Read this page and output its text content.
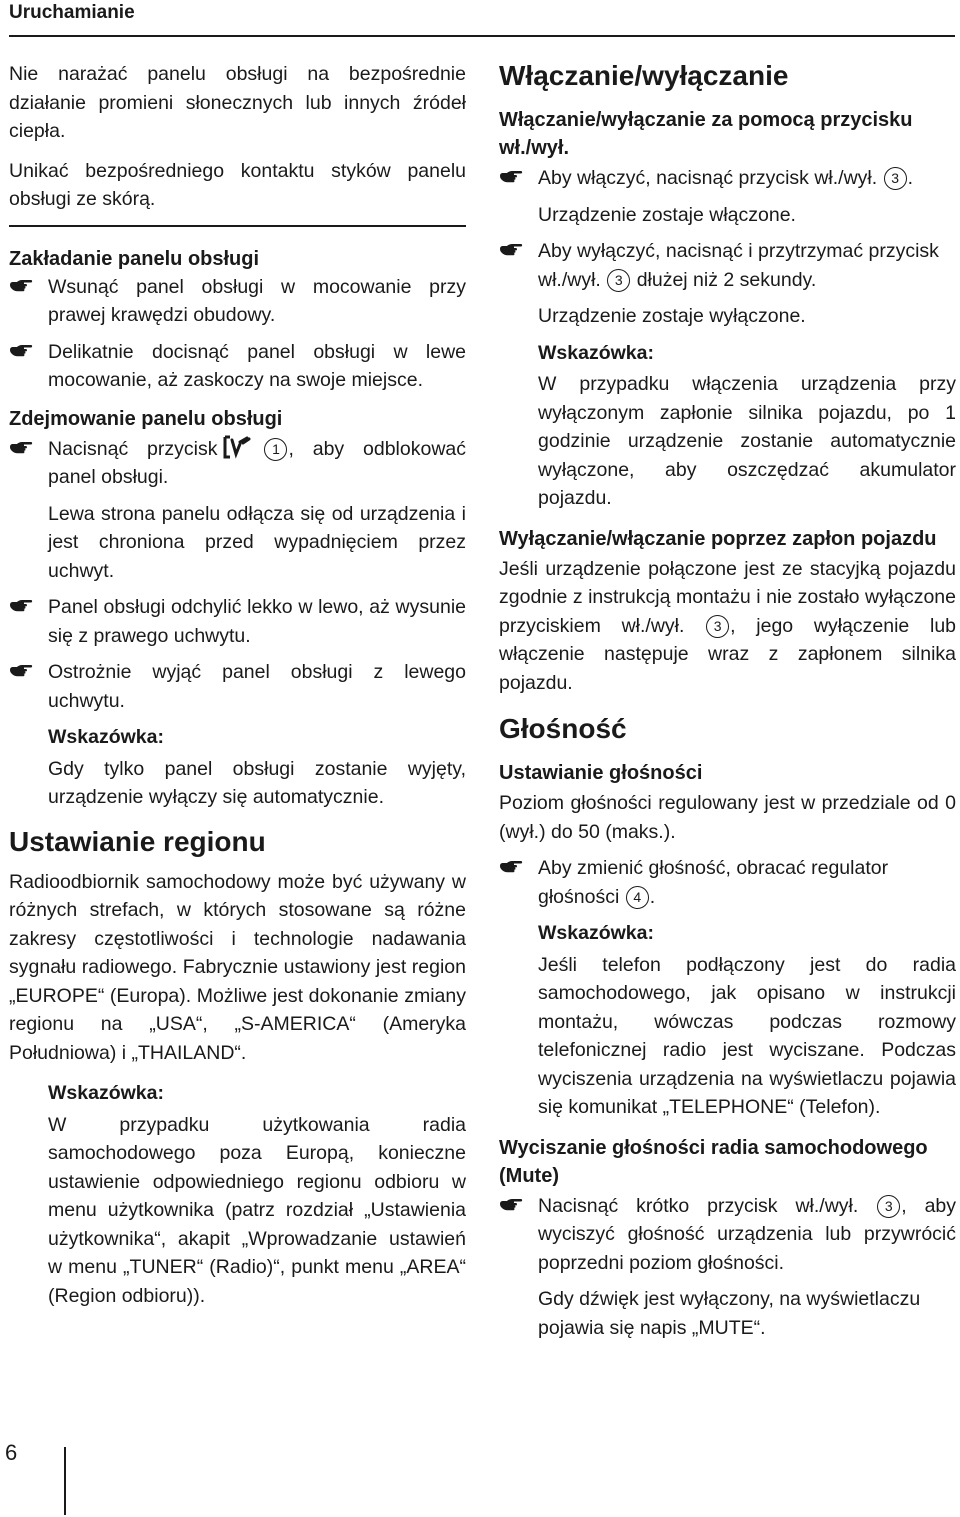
Uruchamianie

Nie narażać panelu obsługi na bezpośrednie działanie promieni słonecznych lub innych źródeł ciepła.

Unikać bezpośredniego kontaktu styków panelu obsługi ze skórą.

Zakładanie panelu obsługi
Wsunąć panel obsługi w mocowanie przy prawej krawędzi obudowy.
Delikatnie docisnąć panel obsługi w lewe mocowanie, aż zaskoczy na swoje miejsce.
Zdejmowanie panelu obsługi
Nacisnąć przycisk	1 , aby odblokować panel obsługi.
Lewa strona panelu odłącza się od urządzenia i jest chroniona przed wypadnięciem przez uchwyt.
Panel obsługi odchylić lekko w lewo, aż wysunie się z prawego uchwytu.
Ostrożnie wyjąć panel obsługi z lewego uchwytu.
Wskazówka:
Gdy tylko panel obsługi zostanie wyjęty, urządzenie wyłączy się automatycznie.
Ustawianie regionu

Radioodbiornik samochodowy może być używany w różnych strefach, w których stosowane są różne zakresy częstotliwości i technologie nadawania sygnału radiowego. Fabrycznie ustawiony jest region „EUROPE“ (Europa). Możliwe jest dokonanie zmiany regionu na „USA“, „S-AMERICA“ (Ameryka Południowa) i „THAILAND“.

Wskazówka:
W przypadku użytkowania radia samochodowego poza Europą, konieczne ustawienie odpowiedniego regionu odbioru w menu użytkownika (patrz rozdział „Ustawienia użytkownika“, akapit „Wprowadzanie ustawień w menu „TUNER“ (Radio)“, punkt menu „AREA“ (Region odbioru)).
Włączanie/wyłączanie
Włączanie/wyłączanie za pomocą przycisku wł./wył.
Aby włączyć, nacisnąć przycisk wł./wył. 3 .
Urządzenie zostaje włączone.
Aby wyłączyć, nacisnąć i przytrzymać przycisk wł./wył. 3 dłużej niż 2 sekundy.
Urządzenie zostaje wyłączone.
Wskazówka:
W przypadku włączenia urządzenia przy wyłączonym zapłonie silnika pojazdu, po 1 godzinie urządzenie zostanie automatycznie wyłączone, aby oszczędzać akumulator pojazdu.
Wyłączanie/włączanie poprzez zapłon pojazdu

Jeśli urządzenie połączone jest ze stacyjką pojazdu zgodnie z instrukcją montażu i nie zostało wyłączone przyciskiem wł./wył. 3 , jego wyłączenie lub włączenie następuje wraz z zapłonem silnika pojazdu.

Głośność
Ustawianie głośności

Poziom głośności regulowany jest w przedziale od 0 (wył.) do 50 (maks.).

Aby zmienić głośność, obracać regulator głośności 4 .
Wskazówka:
Jeśli telefon podłączony jest do radia samochodowego, jak opisano w instrukcji montażu, wówczas podczas rozmowy telefonicznej radio jest wyciszane. Podczas wyciszenia urządzenia na wyświetlaczu pojawia się komunikat „TELEPHONE“ (Telefon).
Wyciszanie głośności radia samochodowego (Mute)
Nacisnąć krótko przycisk wł./wył. 3 , aby wyciszyć głośność urządzenia lub przywrócić poprzedni poziom głośności.
Gdy dźwięk jest wyłączony, na wyświetlaczu pojawia się napis „MUTE“.
6
